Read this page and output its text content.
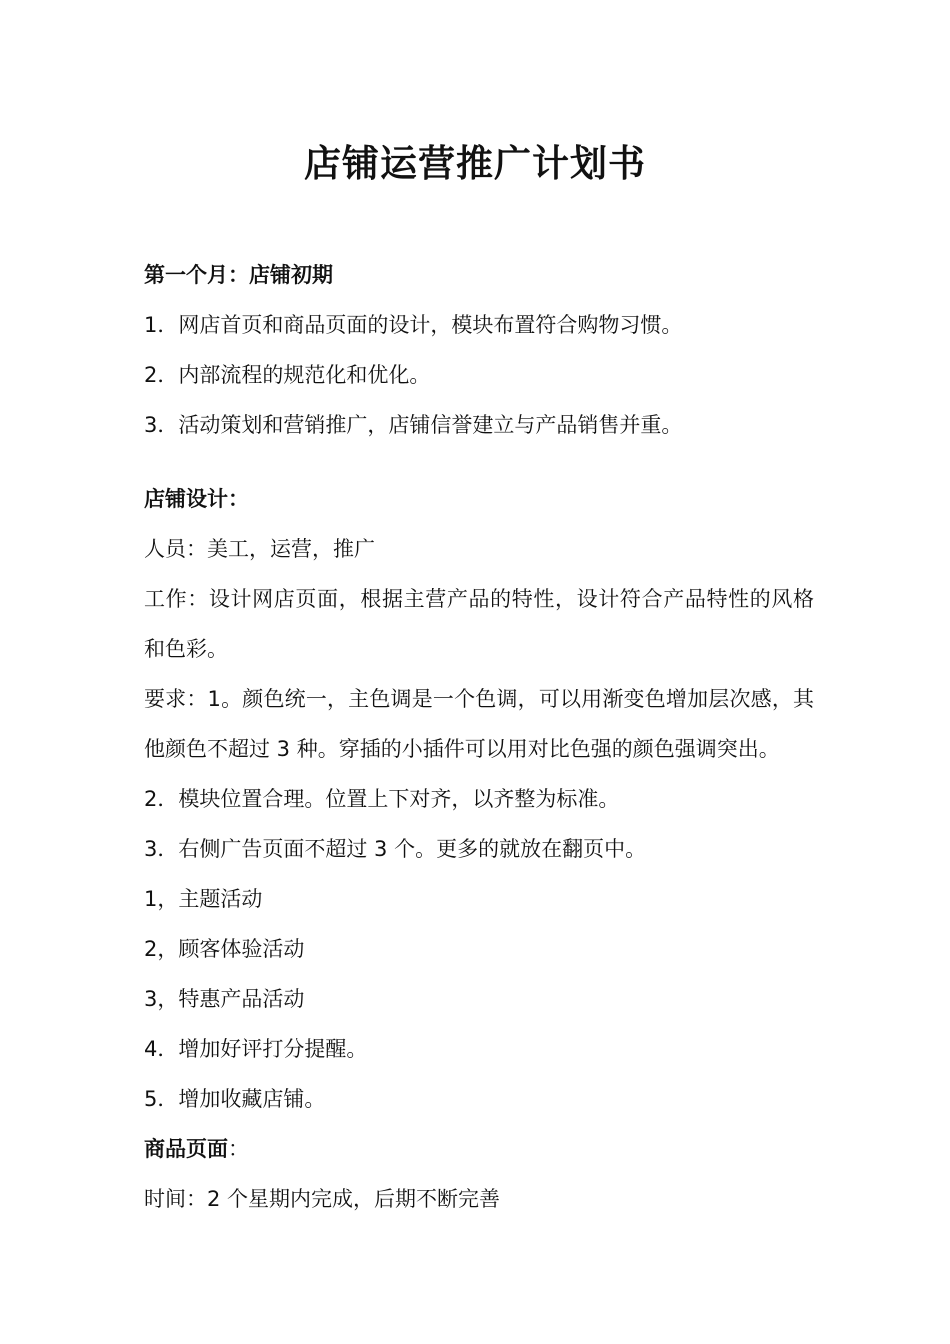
店铺运营推广计划书

第一个月：店铺初期

1．网店首页和商品页面的设计，模块布置符合购物习惯。

2．内部流程的规范化和优化。

3．活动策划和营销推广，店铺信誉建立与产品销售并重。

店铺设计：

人员：美工，运营，推广

工作：设计网店页面，根据主营产品的特性，设计符合产品特性的风格和色彩。

要求：1。颜色统一，主色调是一个色调，可以用渐变色增加层次感，其他颜色不超过 3 种。穿插的小插件可以用对比色强的颜色强调突出。

2．模块位置合理。位置上下对齐，以齐整为标准。

3．右侧广告页面不超过 3 个。更多的就放在翻页中。

1，主题活动

2，顾客体验活动

3，特惠产品活动

4．增加好评打分提醒。

5．增加收藏店铺。

商品页面：

时间：2 个星期内完成，后期不断完善
